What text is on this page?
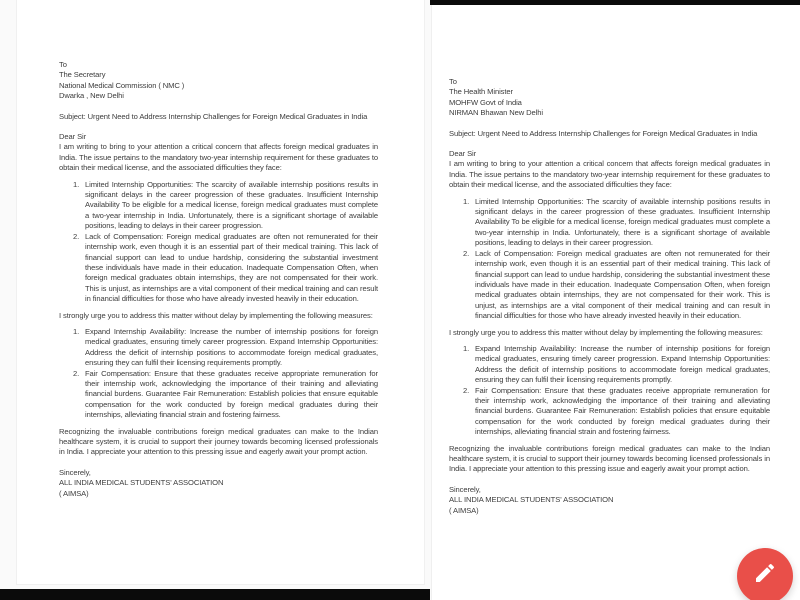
To
The Secretary
National Medical Commission ( NMC )
Dwarka , New Delhi

Subject: Urgent Need to Address Internship Challenges for Foreign Medical Graduates in India

Dear Sir
I am writing to bring to your attention a critical concern that affects foreign medical graduates in India. The issue pertains to the mandatory two-year internship requirement for these graduates to obtain their medical license, and the associated difficulties they face:

Limited Internship Opportunities: The scarcity of available internship positions results in significant delays in the career progression of these graduates. Insufficient Internship Availability To be eligible for a medical license, foreign medical graduates must complete a two-year internship in India. Unfortunately, there is a significant shortage of available positions, leading to delays in their career progression.
Lack of Compensation: Foreign medical graduates are often not remunerated for their internship work, even though it is an essential part of their medical training. This lack of financial support can lead to undue hardship, considering the substantial investment these individuals have made in their education. Inadequate Compensation Often, when foreign medical graduates obtain internships, they are not compensated for their work. This is unjust, as internships are a vital component of their medical training and can result in financial difficulties for those who have already invested heavily in their education.

I strongly urge you to address this matter without delay by implementing the following measures:

Expand Internship Availability: Increase the number of internship positions for foreign medical graduates, ensuring timely career progression. Expand Internship Opportunities: Address the deficit of internship positions to accommodate foreign medical graduates, ensuring they can fulfil their licensing requirements promptly.
Fair Compensation: Ensure that these graduates receive appropriate remuneration for their internship work, acknowledging the importance of their training and alleviating financial burdens. Guarantee Fair Remuneration: Establish policies that ensure equitable compensation for the work conducted by foreign medical graduates during their internships, alleviating financial strain and fostering fairness.

Recognizing the invaluable contributions foreign medical graduates can make to the Indian healthcare system, it is crucial to support their journey towards becoming licensed professionals in India. I appreciate your attention to this pressing issue and eagerly await your prompt action.

Sincerely,
ALL INDIA MEDICAL STUDENTS' ASSOCIATION
( AIMSA)

To
The Health Minister
MOHFW Govt of India
NIRMAN Bhawan New Delhi

Subject: Urgent Need to Address Internship Challenges for Foreign Medical Graduates in India

Dear Sir
I am writing to bring to your attention a critical concern that affects foreign medical graduates in India. The issue pertains to the mandatory two-year internship requirement for these graduates to obtain their medical license, and the associated difficulties they face:

Limited Internship Opportunities: The scarcity of available internship positions results in significant delays in the career progression of these graduates. Insufficient Internship Availability To be eligible for a medical license, foreign medical graduates must complete a two-year internship in India. Unfortunately, there is a significant shortage of available positions, leading to delays in their career progression.
Lack of Compensation: Foreign medical graduates are often not remunerated for their internship work, even though it is an essential part of their medical training. This lack of financial support can lead to undue hardship, considering the substantial investment these individuals have made in their education. Inadequate Compensation Often, when foreign medical graduates obtain internships, they are not compensated for their work. This is unjust, as internships are a vital component of their medical training and can result in financial difficulties for those who have already invested heavily in their education.

I strongly urge you to address this matter without delay by implementing the following measures:

Expand Internship Availability: Increase the number of internship positions for foreign medical graduates, ensuring timely career progression. Expand Internship Opportunities: Address the deficit of internship positions to accommodate foreign medical graduates, ensuring they can fulfil their licensing requirements promptly.
Fair Compensation: Ensure that these graduates receive appropriate remuneration for their internship work, acknowledging the importance of their training and alleviating financial burdens. Guarantee Fair Remuneration: Establish policies that ensure equitable compensation for the work conducted by foreign medical graduates during their internships, alleviating financial strain and fostering fairness.

Recognizing the invaluable contributions foreign medical graduates can make to the Indian healthcare system, it is crucial to support their journey towards becoming licensed professionals in India. I appreciate your attention to this pressing issue and eagerly await your prompt action.

Sincerely,
ALL INDIA MEDICAL STUDENTS' ASSOCIATION
( AIMSA)
